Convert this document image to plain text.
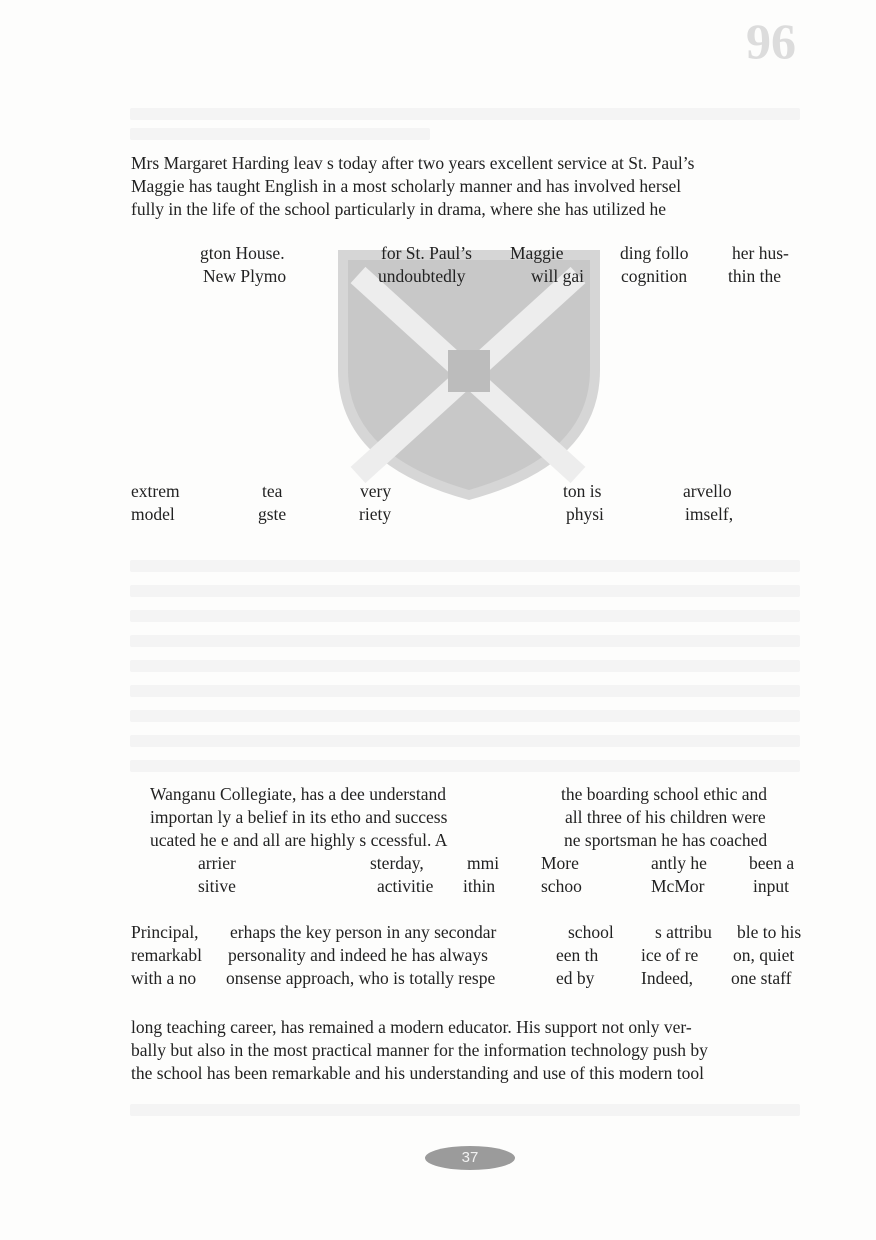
96
Mrs Margaret Harding leav s today after two years excellent service at St. Paul’s
Maggie has taught English in a most scholarly manner and has involved hersel
fully in the life of the school particularly in drama, where she has utilized he
gton House.	for St. Paul’s Maggie	ding follo her hus-
New Plymo	undoubtedly	will gai cognition thin the
extrem	tea	very	ton is	arvello
model	gste	riety	physi	imself,
Wanganu Collegiate, has a dee understand	the boarding school ethic and
importan ly a belief in its etho and success	all three of his children were
ucated he e and all are highly s ccessful. A	ne sportsman he has coached
arrier	sterday, mmi More	antly he been a
sitive	activitie ithin	schoo	McMor	input
Principal, erhaps the key person in any secondar	school s attribu ble to his
remarkabl personality and indeed he has always	een th ice of re on, quiet
with a no onsense approach, who is totally respe	ed by	Indeed, one staff
long teaching career, has remained a modern educator. His support not only ver-
bally but also in the most practical manner for the information technology push by
the school has been remarkable and his understanding and use of this modern tool
37
